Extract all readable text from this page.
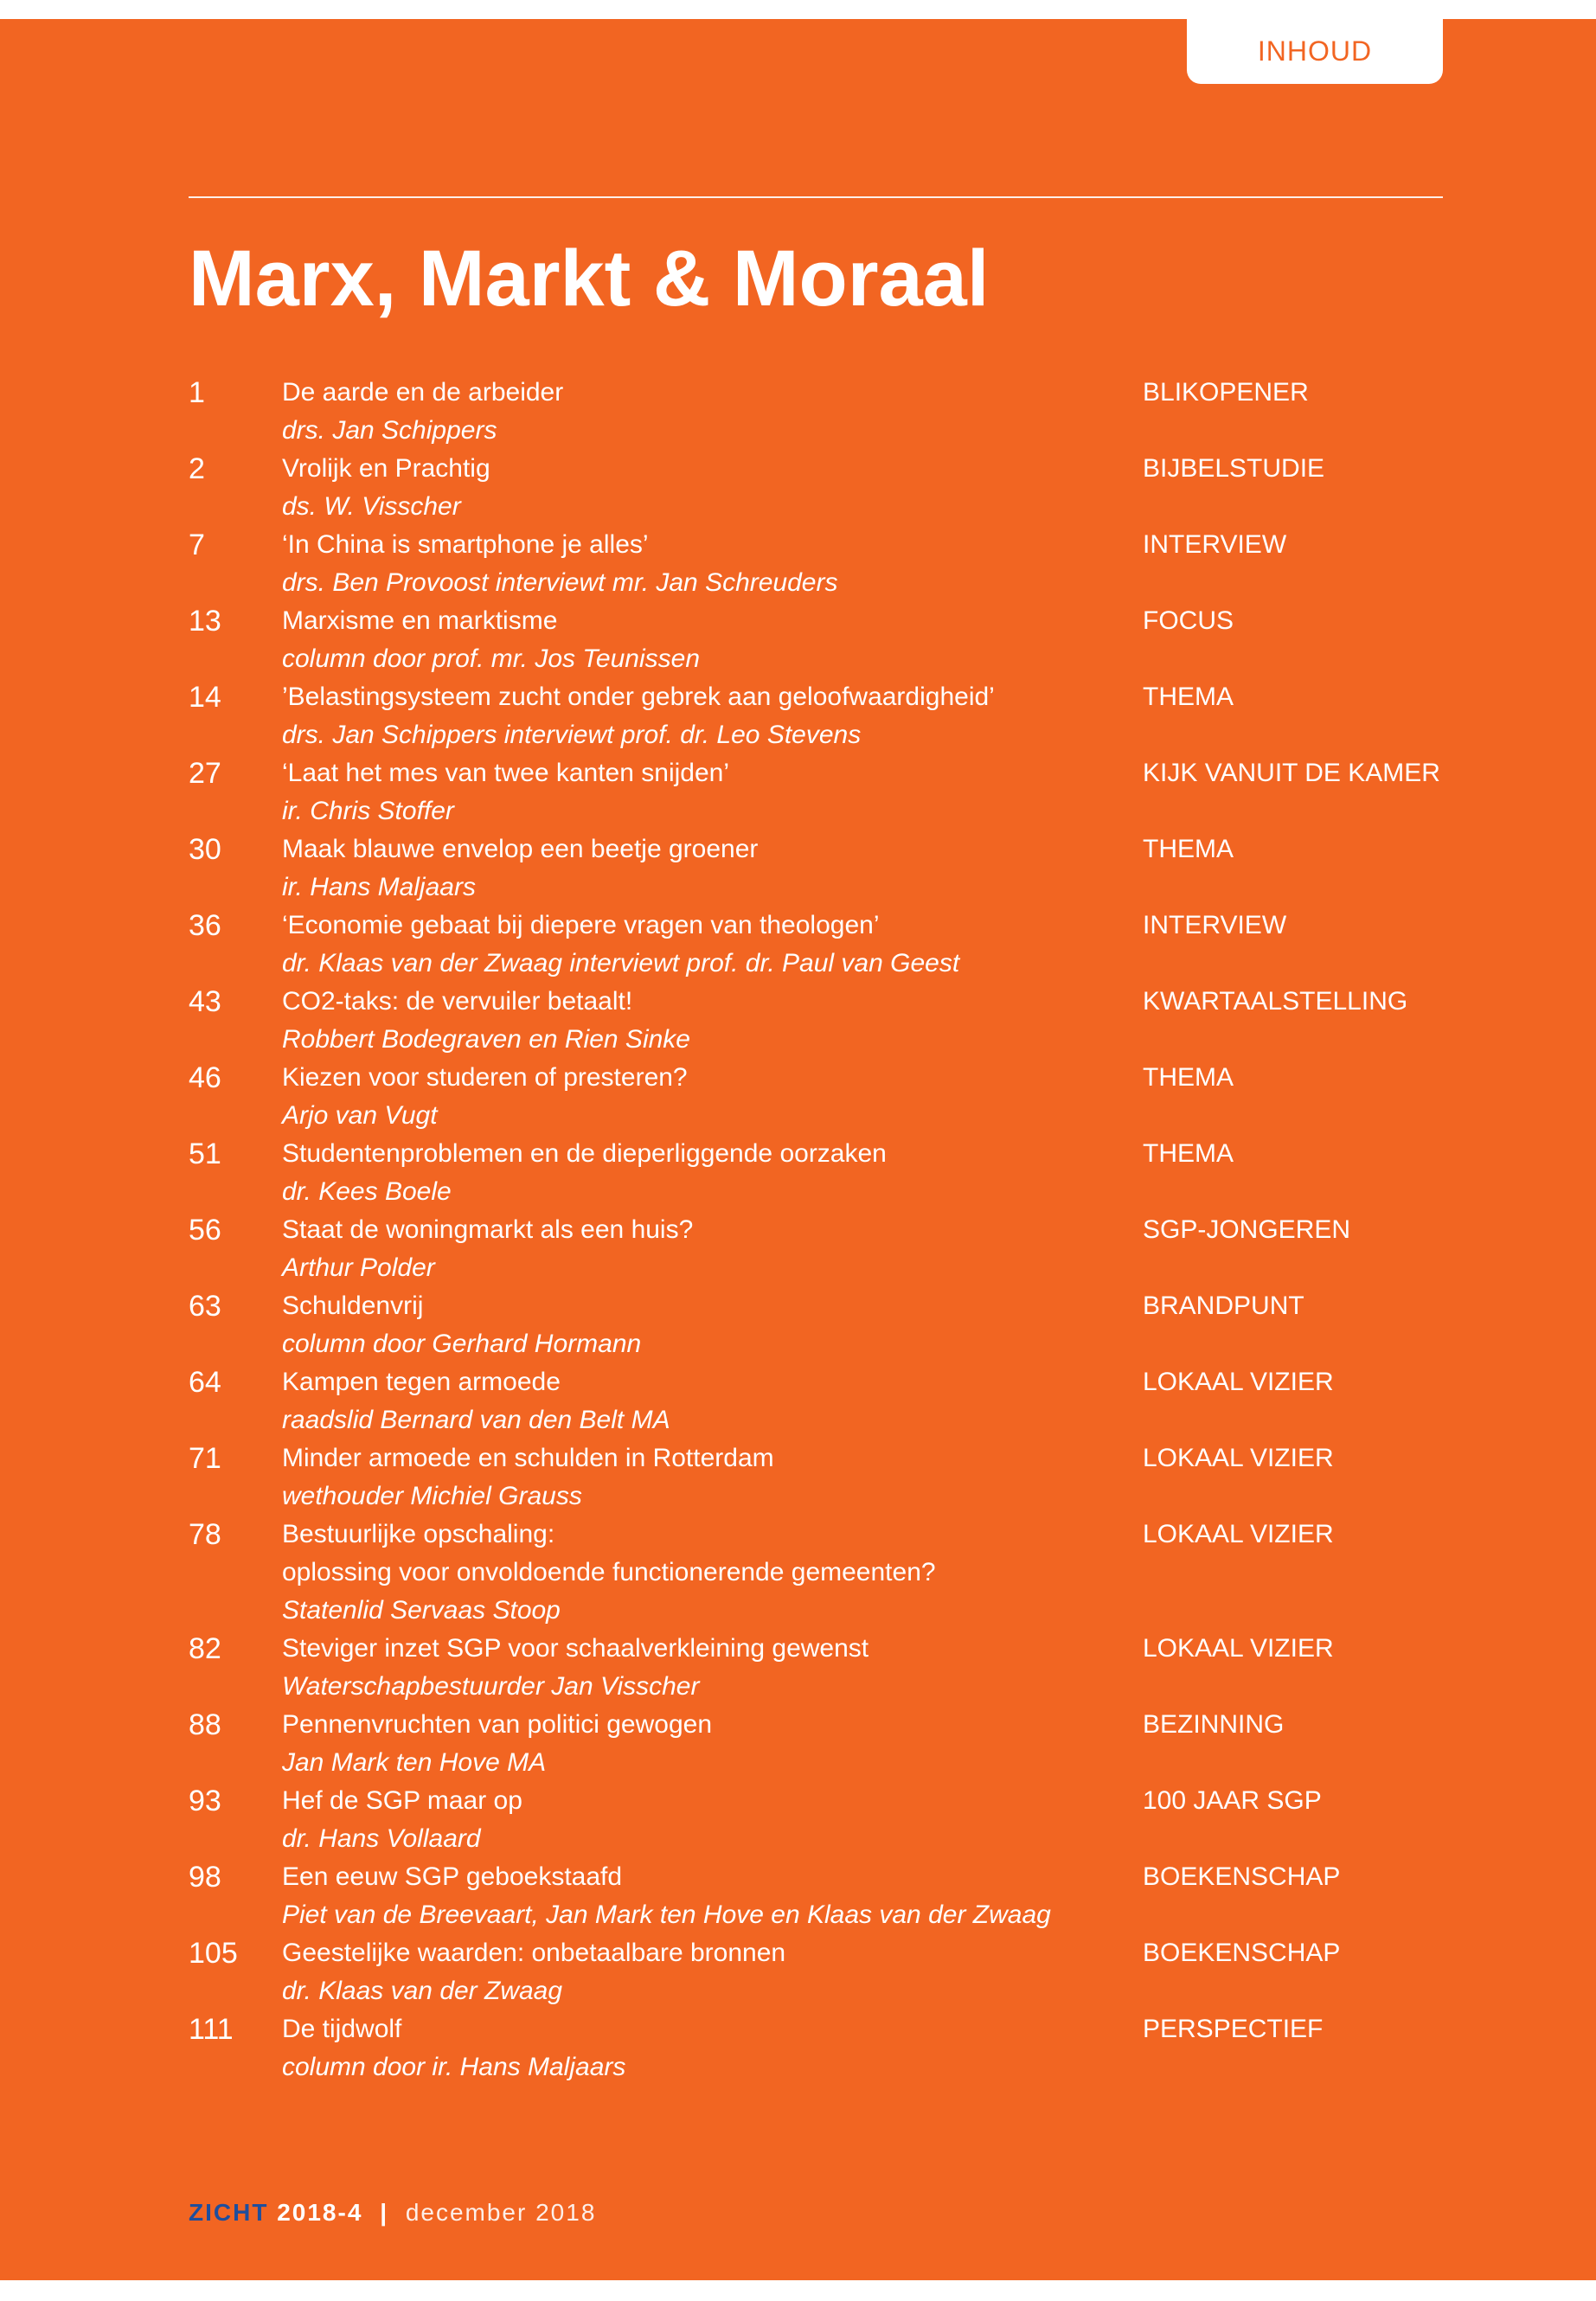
INHOUD
Marx, Markt & Moraal
1	De aarde en de arbeider	BLIKOPENER
drs. Jan Schippers
2	Vrolijk en Prachtig	BIJBELSTUDIE
ds. W. Visscher
7	‘In China is smartphone je alles’	INTERVIEW
drs. Ben Provoost interviewt mr. Jan Schreuders
13	Marxisme en marktisme	FOCUS
column door prof. mr. Jos Teunissen
14	’Belastingsysteem zucht onder gebrek aan geloofwaardigheid’	THEMA
drs. Jan Schippers interviewt prof. dr. Leo Stevens
27	‘Laat het mes van twee kanten snijden’	KIJK VANUIT DE KAMER
ir. Chris Stoffer
30	Maak blauwe envelop een beetje groener	THEMA
ir. Hans Maljaars
36	‘Economie gebaat bij diepere vragen van theologen’	INTERVIEW
dr. Klaas van der Zwaag interviewt prof. dr. Paul van Geest
43	CO2-taks: de vervuiler betaalt!	KWARTAALSTELLING
Robbert Bodegraven en Rien Sinke
46	Kiezen voor studeren of presteren?	THEMA
Arjo van Vugt
51	Studentenproblemen en de dieperliggende oorzaken	THEMA
dr. Kees Boele
56	Staat de woningmarkt als een huis?	SGP-JONGEREN
Arthur Polder
63	Schuldenvrij	BRANDPUNT
column door Gerhard Hormann
64	Kampen tegen armoede	LOKAAL VIZIER
raadslid Bernard van den Belt MA
71	Minder armoede en schulden in Rotterdam	LOKAAL VIZIER
wethouder Michiel Grauss
78	Bestuurlijke opschaling:	LOKAAL VIZIER
oplossing voor onvoldoende functionerende gemeenten?
Statenlid Servaas Stoop
82	Steviger inzet SGP voor schaalverkleining gewenst	LOKAAL VIZIER
Waterschapbestuurder Jan Visscher
88	Pennenvruchten van politici gewogen	BEZINNING
Jan Mark ten Hove MA
93	Hef de SGP maar op	100 JAAR SGP
dr. Hans Vollaard
98	Een eeuw SGP geboekstaafd	BOEKENSCHAP
Piet van de Breevaart, Jan Mark ten Hove en Klaas van der Zwaag
105	Geestelijke waarden: onbetaalbare bronnen	BOEKENSCHAP
dr. Klaas van der Zwaag
111	De tijdwolf	PERSPECTIEF
column door ir. Hans Maljaars
ZICHT 2018-4 | december 2018
